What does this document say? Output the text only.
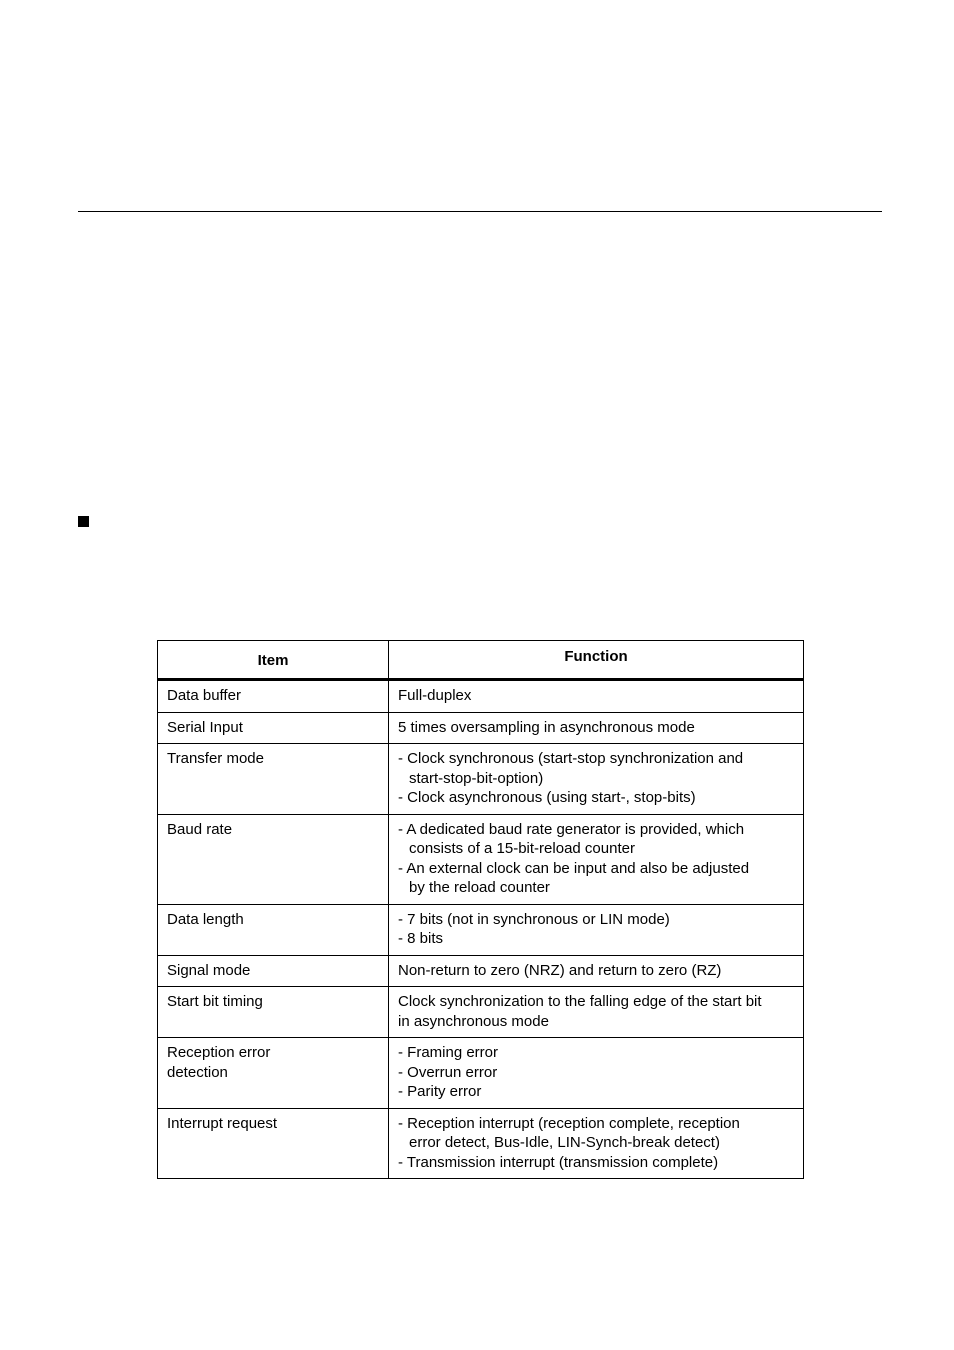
Item	Function

Data buffer	Full-duplex

Serial Input	5 times oversampling in asynchronous mode

Transfer mode	- Clock synchronous (start-stop synchronization and
start-stop-bit-option)
- Clock asynchronous (using start-, stop-bits)

Baud rate	- A dedicated baud rate generator is provided, which
consists of a 15-bit-reload counter
- An external clock can be input and also be adjusted
by the reload counter

Data length	- 7 bits (not in synchronous or LIN mode)
- 8 bits

Signal mode	Non-return to zero (NRZ) and return to zero (RZ)

Start bit timing	Clock synchronization to the falling edge of the start bit
in asynchronous mode

Reception error
detection	- Framing error
- Overrun error
- Parity error

Interrupt request	- Reception interrupt (reception complete, reception
error detect, Bus-Idle, LIN-Synch-break detect)
- Transmission interrupt (transmission complete)
